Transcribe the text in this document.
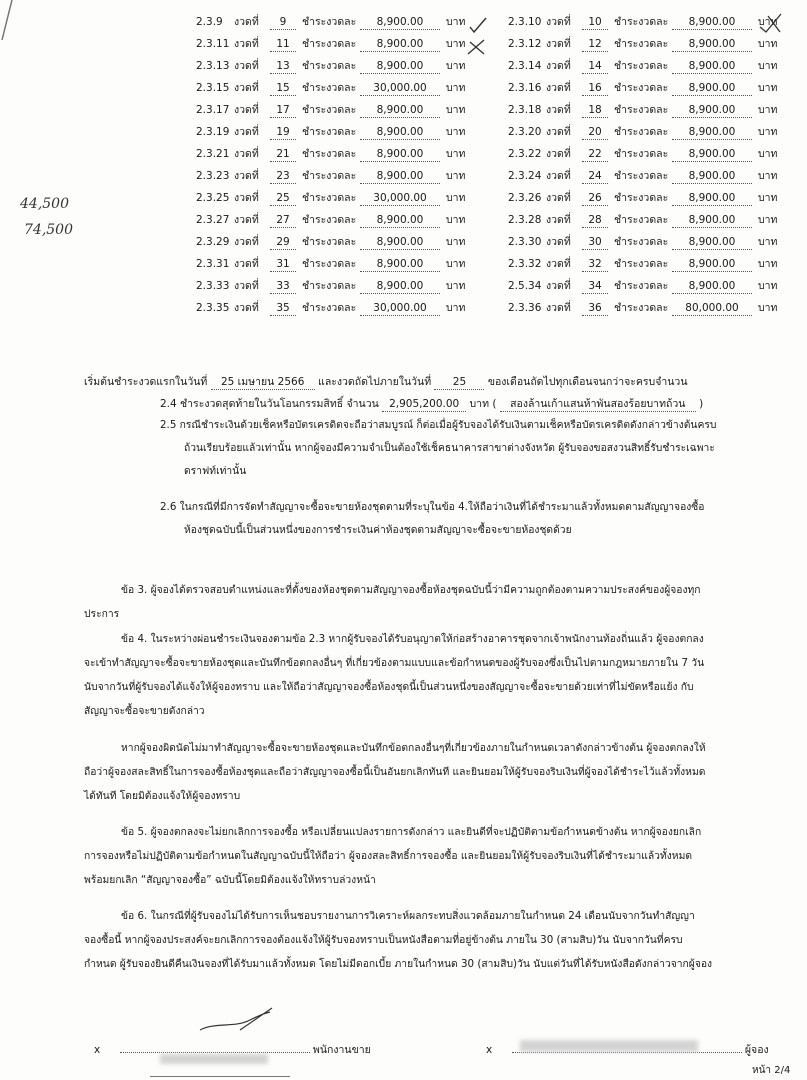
2.3.9 งวดที่ 9 ชำระงวดละ 8,900.00 บาท
2.3.11 งวดที่ 11 ชำระงวดละ 8,900.00 บาท
2.3.13 งวดที่ 13 ชำระงวดละ 8,900.00 บาท
2.3.15 งวดที่ 15 ชำระงวดละ 30,000.00 บาท
2.3.17 งวดที่ 17 ชำระงวดละ 8,900.00 บาท
2.3.19 งวดที่ 19 ชำระงวดละ 8,900.00 บาท
2.3.21 งวดที่ 21 ชำระงวดละ 8,900.00 บาท
2.3.23 งวดที่ 23 ชำระงวดละ 8,900.00 บาท
2.3.25 งวดที่ 25 ชำระงวดละ 30,000.00 บาท
2.3.27 งวดที่ 27 ชำระงวดละ 8,900.00 บาท
2.3.29 งวดที่ 29 ชำระงวดละ 8,900.00 บาท
2.3.31 งวดที่ 31 ชำระงวดละ 8,900.00 บาท
2.3.33 งวดที่ 33 ชำระงวดละ 8,900.00 บาท
2.3.35 งวดที่ 35 ชำระงวดละ 30,000.00 บาท
2.3.10 งวดที่ 10 ชำระงวดละ 8,900.00 บาท
2.3.12 งวดที่ 12 ชำระงวดละ 8,900.00 บาท
2.3.14 งวดที่ 14 ชำระงวดละ 8,900.00 บาท
2.3.16 งวดที่ 16 ชำระงวดละ 8,900.00 บาท
2.3.18 งวดที่ 18 ชำระงวดละ 8,900.00 บาท
2.3.20 งวดที่ 20 ชำระงวดละ 8,900.00 บาท
2.3.22 งวดที่ 22 ชำระงวดละ 8,900.00 บาท
2.3.24 งวดที่ 24 ชำระงวดละ 8,900.00 บาท
2.3.26 งวดที่ 26 ชำระงวดละ 8,900.00 บาท
2.3.28 งวดที่ 28 ชำระงวดละ 8,900.00 บาท
2.3.30 งวดที่ 30 ชำระงวดละ 8,900.00 บาท
2.3.32 งวดที่ 32 ชำระงวดละ 8,900.00 บาท
2.5.34 งวดที่ 34 ชำระงวดละ 8,900.00 บาท
2.3.36 งวดที่ 36 ชำระงวดละ 80,000.00 บาท
44,500
74,500
เริ่มต้นชำระงวดแรกในวันที่ 25 เมษายน 2566 และงวดถัดไปภายในวันที่ 25 ของเดือนถัดไปทุกเดือนจนกว่าจะครบจำนวน
2.4 ชำระงวดสุดท้ายในวันโอนกรรมสิทธิ์ จำนวน 2,905,200.00 บาท ( สองล้านเก้าแสนห้าพันสองร้อยบาทถ้วน )
2.5 กรณีชำระเงินด้วยเช็คหรือบัตรเครดิตจะถือว่าสมบูรณ์ ก็ต่อเมื่อผู้รับจองได้รับเงินตามเช็คหรือบัตรเครดิตดังกล่าวข้างต้นครบ
ถ้วนเรียบร้อยแล้วเท่านั้น หากผู้จองมีความจำเป็นต้องใช้เช็คธนาคารสาขาต่างจังหวัด ผู้รับจองขอสงวนสิทธิ์รับชำระเฉพาะ
ดราฟท์เท่านั้น
2.6 ในกรณีที่มีการจัดทำสัญญาจะซื้อจะขายห้องชุดตามที่ระบุในข้อ 4.ให้ถือว่าเงินที่ได้ชำระมาแล้วทั้งหมดตามสัญญาจองซื้อ
ห้องชุดฉบับนี้เป็นส่วนหนึ่งของการชำระเงินค่าห้องชุดตามสัญญาจะซื้อจะขายห้องชุดด้วย
ข้อ 3. ผู้จองได้ตรวจสอบตำแหน่งและที่ตั้งของห้องชุดตามสัญญาจองซื้อห้องชุดฉบับนี้ว่ามีความถูกต้องตามความประสงค์ของผู้จองทุก
ประการ
ข้อ 4. ในระหว่างผ่อนชำระเงินจองตามข้อ 2.3 หากผู้รับจองได้รับอนุญาตให้ก่อสร้างอาคารชุดจากเจ้าพนักงานท้องถิ่นแล้ว ผู้จองตกลง
จะเข้าทำสัญญาจะซื้อจะขายห้องชุดและบันทึกข้อตกลงอื่นๆ ที่เกี่ยวข้องตามแบบและข้อกำหนดของผู้รับจองซึ่งเป็นไปตามกฎหมายภายใน 7 วัน
นับจากวันที่ผู้รับจองได้แจ้งให้ผู้จองทราบ และให้ถือว่าสัญญาจองซื้อห้องชุดนี้เป็นส่วนหนึ่งของสัญญาจะซื้อจะขายด้วยเท่าที่ไม่ขัดหรือแย้ง กับ
สัญญาจะซื้อจะขายดังกล่าว
หากผู้จองผิดนัดไม่มาทำสัญญาจะซื้อจะขายห้องชุดและบันทึกข้อตกลงอื่นๆที่เกี่ยวข้องภายในกำหนดเวลาดังกล่าวข้างต้น ผู้จองตกลงให้
ถือว่าผู้จองสละสิทธิ์ในการจองซื้อห้องชุดและถือว่าสัญญาจองซื้อนี้เป็นอันยกเลิกทันที และยินยอมให้ผู้รับจองริบเงินที่ผู้จองได้ชำระไว้แล้วทั้งหมด
ได้ทันที โดยมิต้องแจ้งให้ผู้จองทราบ
ข้อ 5. ผู้จองตกลงจะไม่ยกเลิกการจองซื้อ หรือเปลี่ยนแปลงรายการดังกล่าว และยินดีที่จะปฏิบัติตามข้อกำหนดข้างต้น หากผู้จองยกเลิก
การจองหรือไม่ปฏิบัติตามข้อกำหนดในสัญญาฉบับนี้ให้ถือว่า ผู้จองสละสิทธิ์การจองซื้อ และยินยอมให้ผู้รับจองริบเงินที่ได้ชำระมาแล้วทั้งหมด
พร้อมยกเลิก “สัญญาจองซื้อ” ฉบับนี้โดยมิต้องแจ้งให้ทราบล่วงหน้า
ข้อ 6. ในกรณีที่ผู้รับจองไม่ได้รับการเห็นชอบรายงานการวิเคราะห์ผลกระทบสิ่งแวดล้อมภายในกำหนด 24 เดือนนับจากวันทำสัญญา
จองซื้อนี้ หากผู้จองประสงค์จะยกเลิกการจองต้องแจ้งให้ผู้รับจองทราบเป็นหนังสือตามที่อยู่ข้างต้น ภายใน 30 (สามสิบ)วัน นับจากวันที่ครบ
กำหนด ผู้รับจองยินดีคืนเงินจองที่ได้รับมาแล้วทั้งหมด โดยไม่มีดอกเบี้ย ภายในกำหนด 30 (สามสิบ)วัน นับแต่วันที่ได้รับหนังสือดังกล่าวจากผู้จอง
x	พนักงานขาย	x	ผู้จอง
หน้า 2/4
